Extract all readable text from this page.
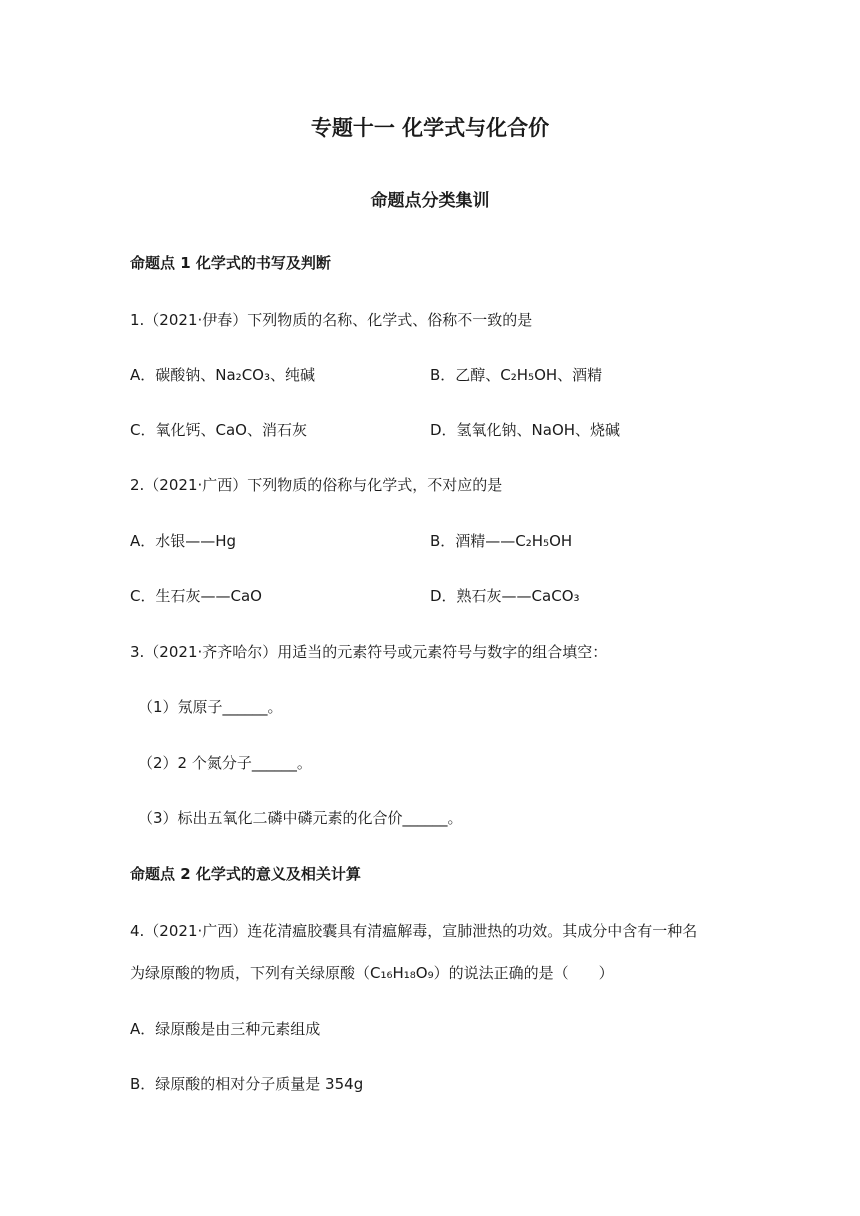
专题十一 化学式与化合价
命题点分类集训
命题点 1 化学式的书写及判断
1.（2021·伊春）下列物质的名称、化学式、俗称不一致的是
A．碳酸钠、Na₂CO₃、纯碱	B．乙醇、C₂H₅OH、酒精
C．氧化钙、CaO、消石灰	D．氢氧化钠、NaOH、烧碱
2.（2021·广西）下列物质的俗称与化学式，不对应的是
A．水银——Hg	B．酒精——C₂H₅OH
C．生石灰——CaO	D．熟石灰——CaCO₃
3.（2021·齐齐哈尔）用适当的元素符号或元素符号与数字的组合填空：
（1）氖原子______。
（2）2 个氮分子______。
（3）标出五氧化二磷中磷元素的化合价______。
命题点 2 化学式的意义及相关计算
4.（2021·广西）连花清瘟胶囊具有清瘟解毒，宣肺泄热的功效。其成分中含有一种名
为绿原酸的物质，下列有关绿原酸（C₁₆H₁₈O₉）的说法正确的是（　　）
A．绿原酸是由三种元素组成
B．绿原酸的相对分子质量是 354g
